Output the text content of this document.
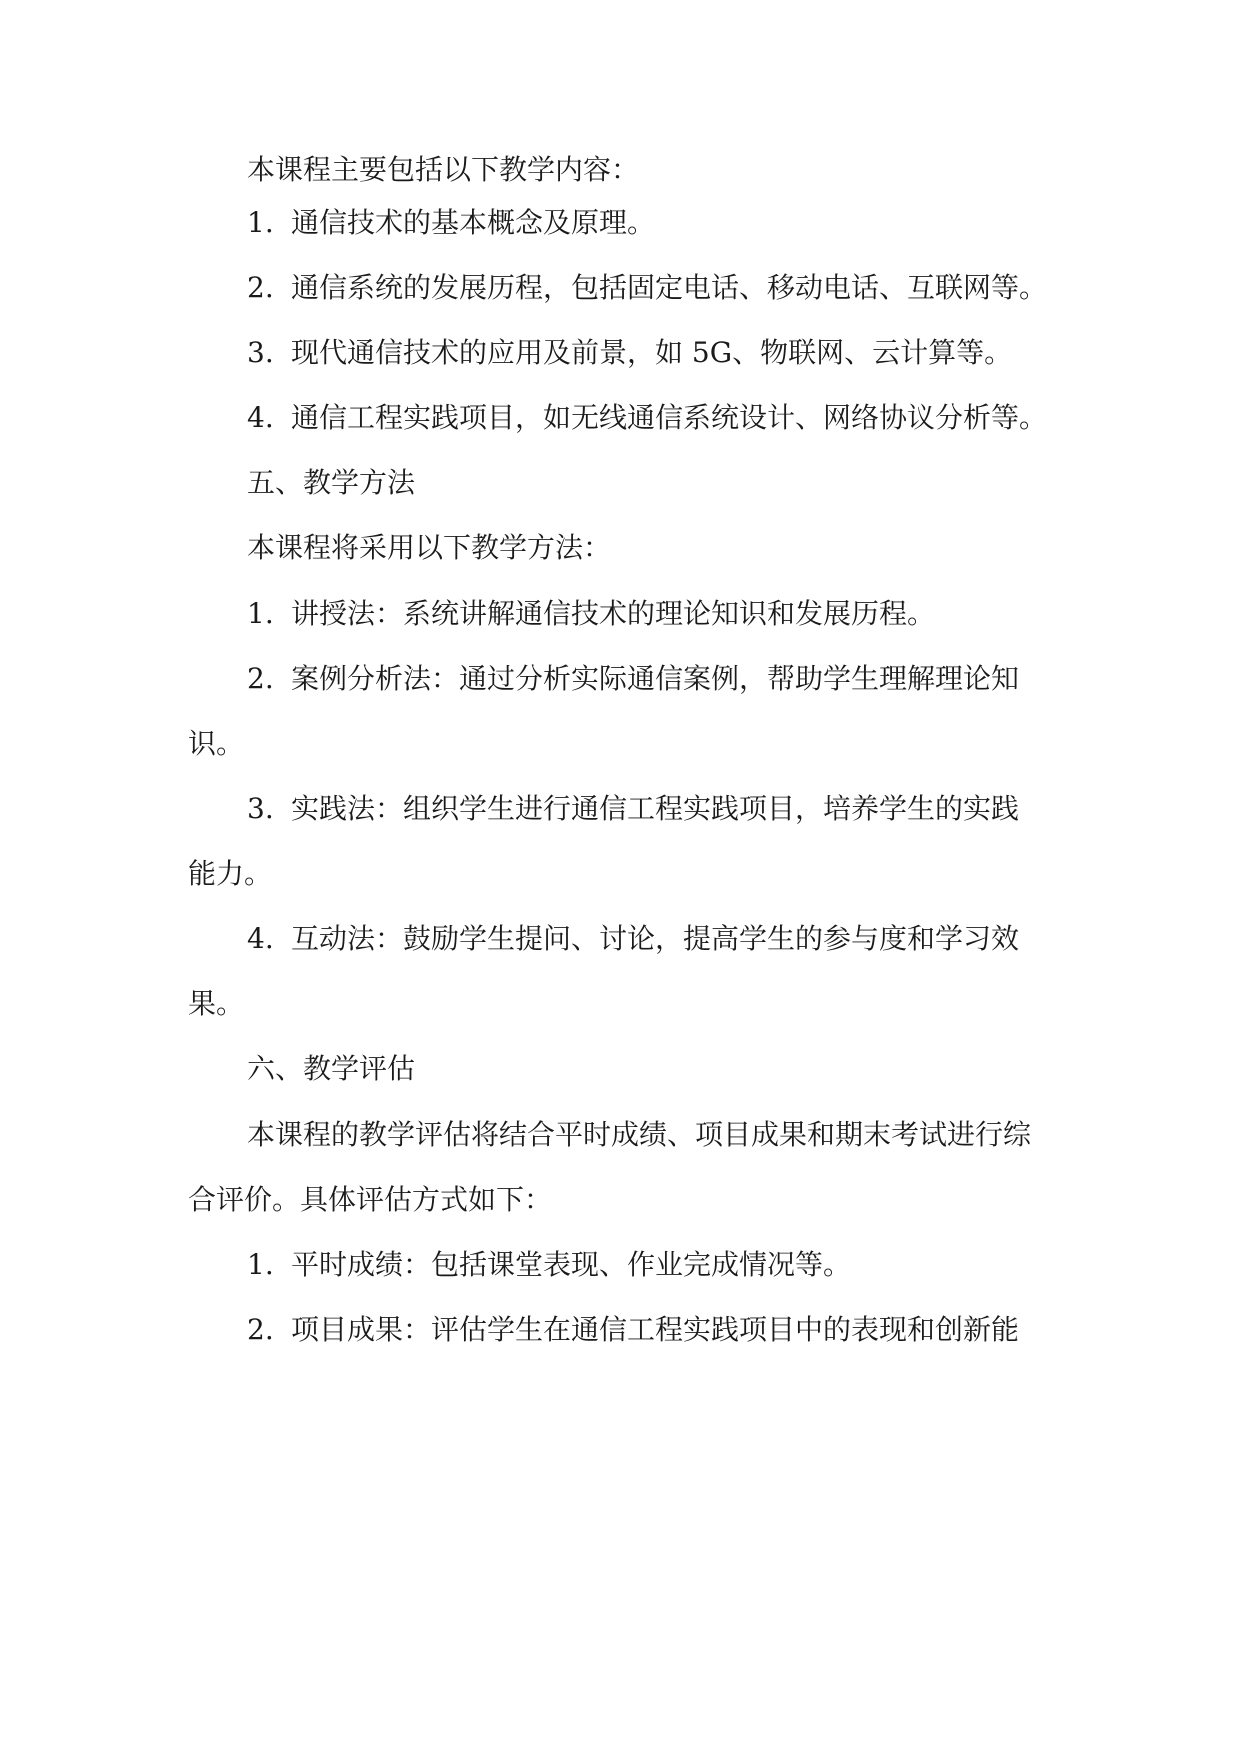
本课程主要包括以下教学内容：

1. 通信技术的基本概念及原理。

2. 通信系统的发展历程，包括固定电话、移动电话、互联网等。

3. 现代通信技术的应用及前景，如 5G、物联网、云计算等。

4. 通信工程实践项目，如无线通信系统设计、网络协议分析等。

五、教学方法

本课程将采用以下教学方法：

1. 讲授法：系统讲解通信技术的理论知识和发展历程。

2. 案例分析法：通过分析实际通信案例，帮助学生理解理论知

识。

3. 实践法：组织学生进行通信工程实践项目，培养学生的实践

能力。

4. 互动法：鼓励学生提问、讨论，提高学生的参与度和学习效

果。

六、教学评估

本课程的教学评估将结合平时成绩、项目成果和期末考试进行综

合评价。具体评估方式如下：

1. 平时成绩：包括课堂表现、作业完成情况等。

2. 项目成果：评估学生在通信工程实践项目中的表现和创新能
